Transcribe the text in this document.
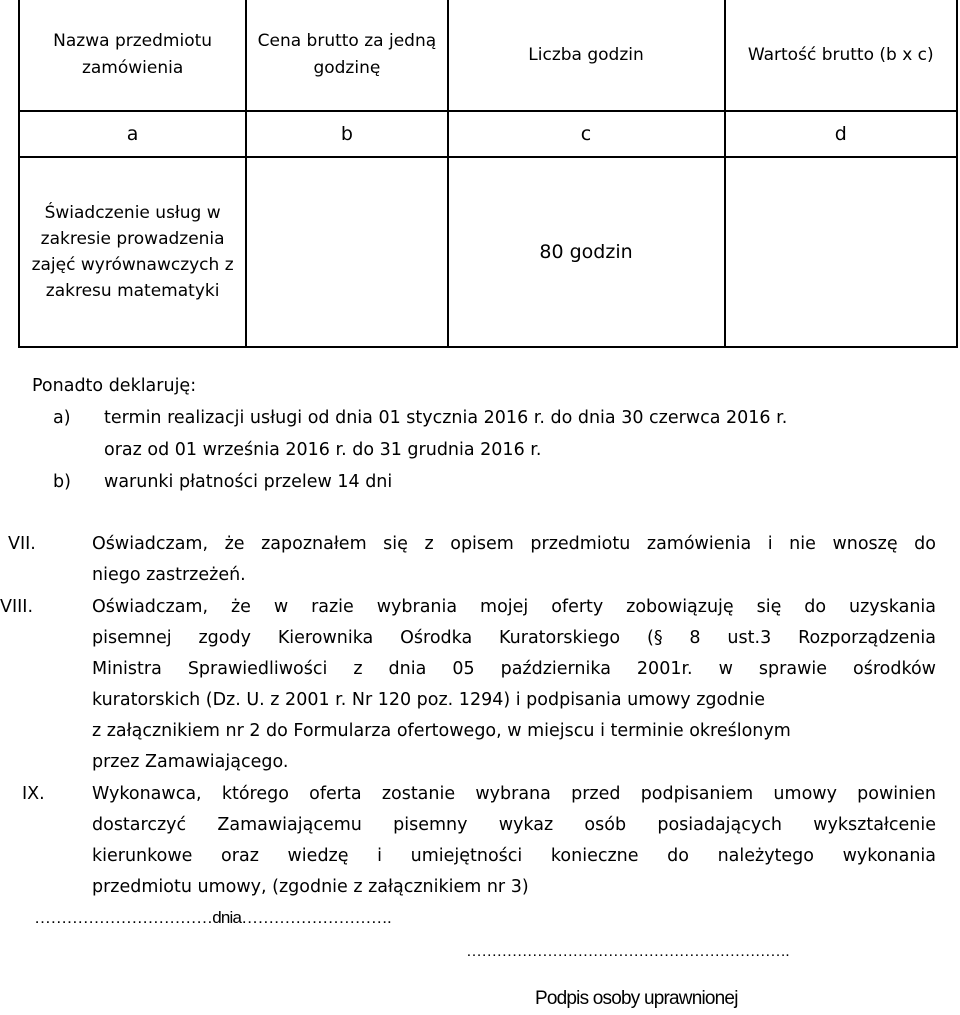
Nazwa przedmiotu zamówienia	Cena brutto za jedną godzinę	Liczba godzin	Wartość brutto (b x c)
a	b	c	d
Świadczenie usług w zakresie prowadzenia zajęć wyrównawczych z zakresu matematyki		80 godzin	
Ponadto deklaruję:
a) termin realizacji usługi od dnia 01 stycznia 2016 r. do dnia 30 czerwca 2016 r.
oraz od 01 września 2016 r. do 31 grudnia 2016 r.
b) warunki płatności przelew 14 dni
VII.	Oświadczam, że zapoznałem się z opisem przedmiotu zamówienia i nie wnoszę do
niego zastrzeżeń.
VIII.	Oświadczam, że w razie wybrania mojej oferty zobowiązuję się do uzyskania
pisemnej zgody Kierownika Ośrodka Kuratorskiego (§ 8 ust.3 Rozporządzenia
Ministra Sprawiedliwości z dnia 05 października 2001r. w sprawie ośrodków
kuratorskich (Dz. U. z 2001 r. Nr 120 poz. 1294) i podpisania umowy zgodnie
z załącznikiem nr 2 do Formularza ofertowego, w miejscu i terminie określonym
przez Zamawiającego.
IX.	Wykonawca, którego oferta zostanie wybrana przed podpisaniem umowy powinien
dostarczyć Zamawiającemu pisemny wykaz osób posiadających wykształcenie
kierunkowe oraz wiedzę i umiejętności konieczne do należytego wykonania
przedmiotu umowy, (zgodnie z załącznikiem nr 3)
……………………………dnia……………………….
……………………………………………………….
Podpis osoby uprawnionej
